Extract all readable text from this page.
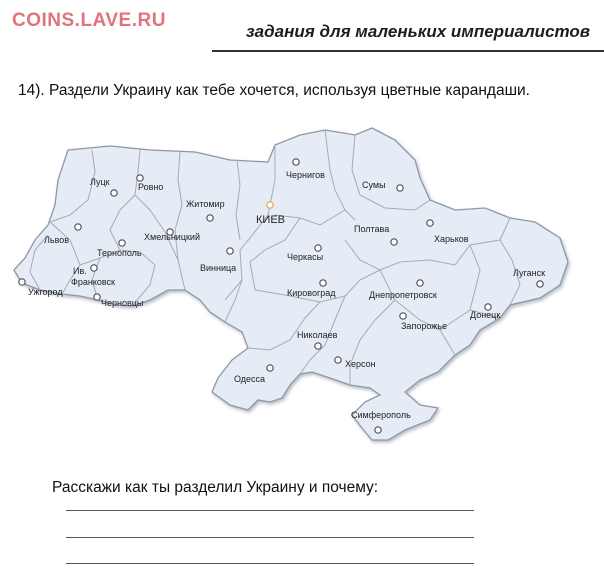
COINS.LAVE.RU
задания для маленьких империалистов
14). Раздели Украину как тебе хочется, используя цветные карандаши.
Луцк	Ровно
Житомир
Чернигов
Сумы
КИЕВ
Полтава
Харьков
Львов	Хмельницкий
Тернополь	Черкасы
Винница
Ив. Франковск
Ужгород
Черновцы
Кировоград	Днепропетровск
Луганск
Донецк
Запорожье
Николаев
Херсон
Одесса
Симферополь
Расскажи как ты разделил Украину и почему:
